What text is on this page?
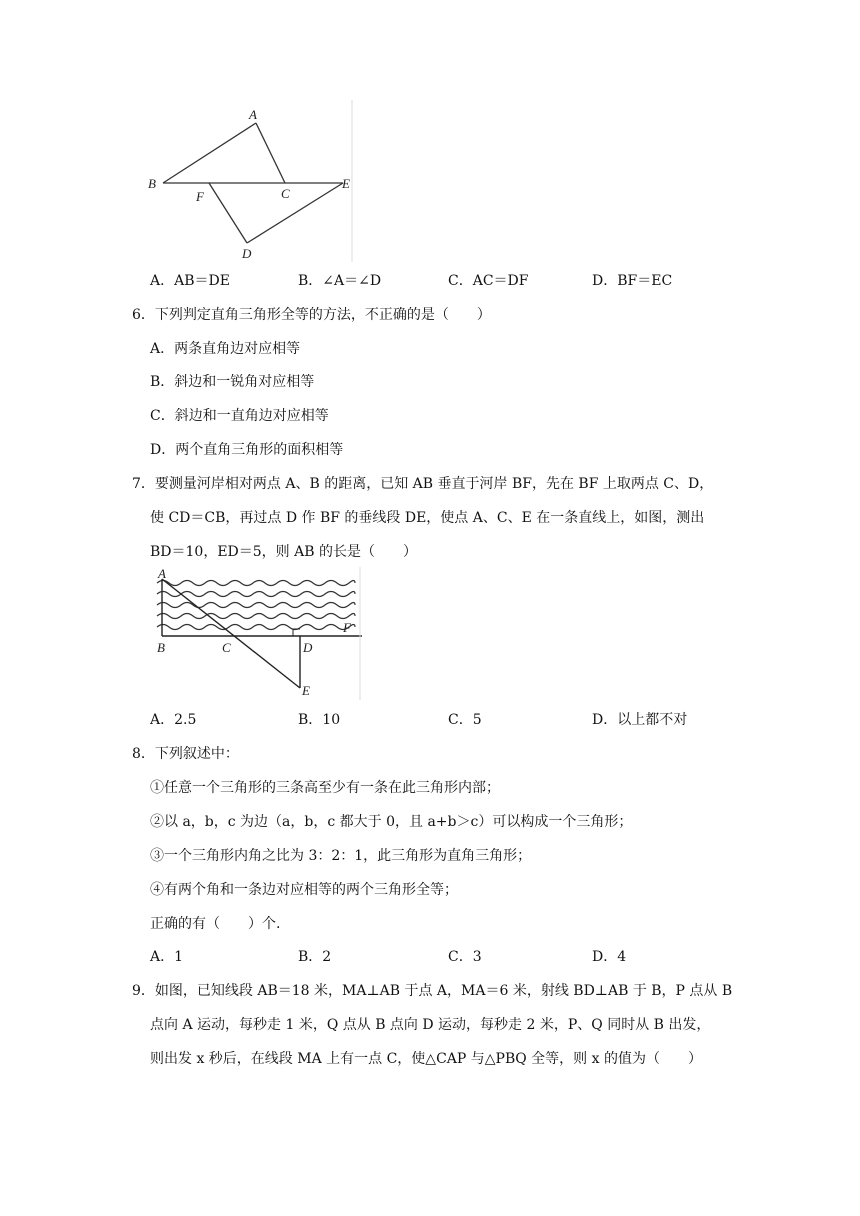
A
B
F	C
E
D
A．AB＝DE	B．∠A＝∠D	C．AC＝DF	D．BF＝EC
6．下列判定直角三角形全等的方法，不正确的是（　　）
A．两条直角边对应相等
B．斜边和一锐角对应相等
C．斜边和一直角边对应相等
D．两个直角三角形的面积相等
7．要测量河岸相对两点 A、B 的距离，已知 AB 垂直于河岸 BF，先在 BF 上取两点 C、D，
使 CD＝CB，再过点 D 作 BF 的垂线段 DE，使点 A、C、E 在一条直线上，如图，测出
BD＝10，ED＝5，则 AB 的长是（　　）
A
B	C	D
F
E
A．2.5	B．10	C．5	D．以上都不对
8．下列叙述中：
①任意一个三角形的三条高至少有一条在此三角形内部；
②以 a，b，c 为边（a，b，c 都大于 0，且 a+b＞c）可以构成一个三角形；
③一个三角形内角之比为 3：2：1，此三角形为直角三角形；
④有两个角和一条边对应相等的两个三角形全等；
正确的有（　　）个.
A．1	B．2	C．3	D．4
9．如图，已知线段 AB＝18 米，MA⊥AB 于点 A，MA＝6 米，射线 BD⊥AB 于 B，P 点从 B
点向 A 运动，每秒走 1 米，Q 点从 B 点向 D 运动，每秒走 2 米，P、Q 同时从 B 出发，
则出发 x 秒后，在线段 MA 上有一点 C，使△CAP 与△PBQ 全等，则 x 的值为（　　）
